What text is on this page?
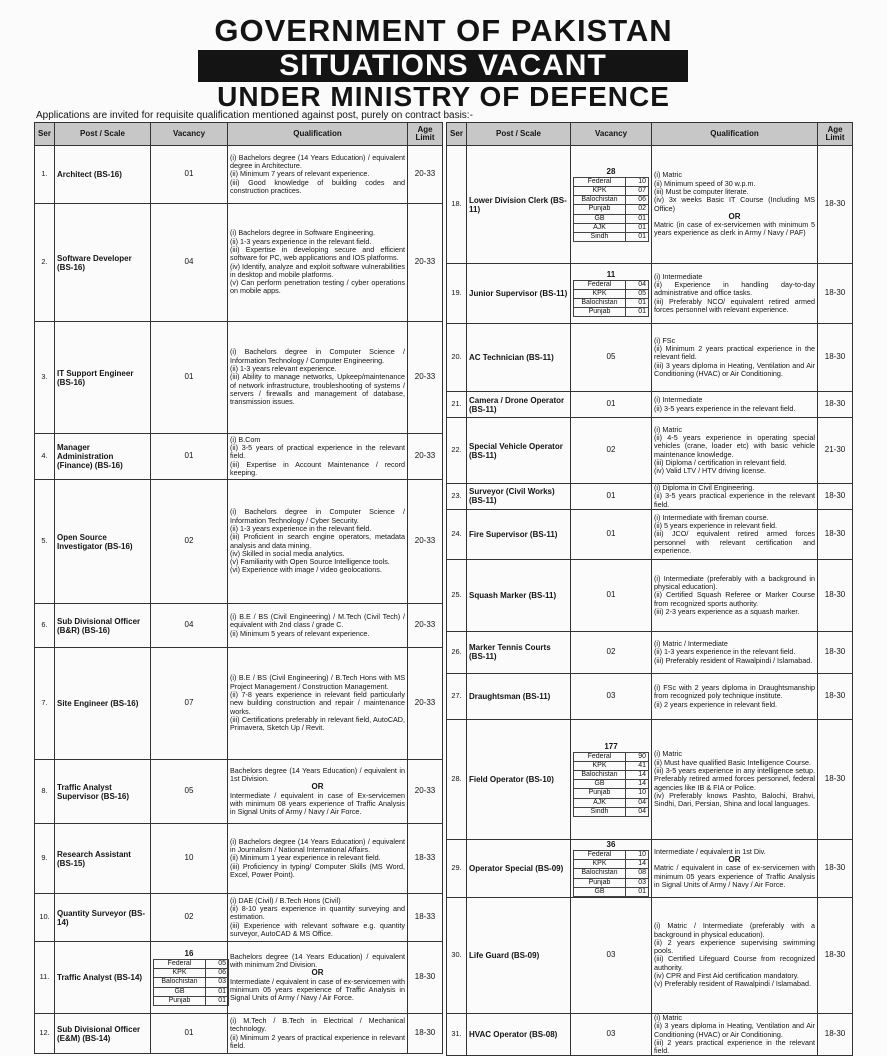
GOVERNMENT OF PAKISTAN
SITUATIONS VACANT
UNDER MINISTRY OF DEFENCE
Applications are invited for requisite qualification mentioned against post, purely on contract basis:-
Ser	Post / Scale	Vacancy	Qualification	Age Limit
1.	Architect (BS-16)	01	
(i) Bachelors degree (14 Years Education) / equivalent degree in Architecture.
(ii) Minimum 7 years of relevant experience.
(iii) Good knowledge of building codes and construction practices.
	20-33
2.	Software Developer (BS-16)	04	
(i) Bachelors degree in Software Engineering.
(ii) 1-3 years experience in the relevant field.
(iii) Expertise in developing secure and efficient software for PC, web applications and IOS platforms.
(iv) Identify, analyze and exploit software vulnerabilities in desktop and mobile platforms.
(v) Can perform penetration testing / cyber operations on mobile apps.
	20-33
3.	IT Support Engineer (BS-16)	01	
(i) Bachelors degree in Computer Science / Information Technology / Computer Engineering.
(ii) 1-3 years relevant experience.
(iii) Ability to manage networks, Upkeep/maintenance of network infrastructure, troubleshooting of systems / servers / firewalls and management of database, transmission issues.
	20-33
4.	Manager Administration (Finance) (BS-16)	01	
(i) B.Com
(ii) 3-5 years of practical experience in the relevant field.
(iii) Expertise in Account Maintenance / record keeping.
	20-33
5.	Open Source Investigator (BS-16)	02	
(i) Bachelors degree in Computer Science / Information Technology / Cyber Security.
(ii) 1-3 years experience in the relevant field.
(iii) Proficient in search engine operators, metadata analysis and data mining.
(iv) Skilled in social media analytics.
(v) Familiarity with Open Source Intelligence tools.
(vi) Experience with image / video geolocations.
	20-33
6.	Sub Divisional Officer (B&R) (BS-16)	04	
(i) B.E / BS (Civil Engineering) / M.Tech (Civil Tech) / equivalent with 2nd class / grade C.
(ii) Minimum 5 years of relevant experience.
	20-33
7.	Site Engineer (BS-16)	07	
(i) B.E / BS (Civil Engineering) / B.Tech Hons with MS Project Management / Construction Management.
(ii) 7-8 years experience in relevant field particularly new building construction and repair / maintenance works.
(iii) Certifications preferably in relevant field, AutoCAD, Primavera, Sketch Up / Revit.
	20-33
8.	Traffic Analyst Supervisor (BS-16)	05	
Bachelors degree (14 Years Education) / equivalent in 1st Division.
OR
Intermediate / equivalent in case of Ex-servicemen with minimum 08 years experience of Traffic Analysis in Signal Units of Army / Navy / Air Force.
	20-33
9.	Research Assistant (BS-15)	10	
(i) Bachelors degree (14 Years Education) / equivalent in Journalism / National International Affairs.
(ii) Minimum 1 year experience in relevant field.
(iii) Proficiency in typing/ Computer Skills (MS Word, Excel, Power Point).
	18-33
10.	Quantity Surveyor (BS-14)	02	
(i) DAE (Civil) / B.Tech Hons (Civil)
(ii) 8-10 years experience in quantity surveying and estimation.
(iii) Experience with relevant software e.g. quantity surveyor, AutoCAD & MS Office.
	18-33
11.	Traffic Analyst (BS-14)	
16
Federal	05
KPK	06
Balochistan	03
GB	01
Punjab	01

Bachelors degree (14 Years Education) / equivalent with minimum 2nd Division.
OR
Intermediate / equivalent in case of ex-servicemen with minimum 05 years experience of Traffic Analysis in Signal Units of Army / Navy / Air Force.
	18-30
12.	Sub Divisional Officer (E&M) (BS-14)	01	
(i) M.Tech / B.Tech in Electrical / Mechanical technology.
(ii) Minimum 2 years of practical experience in relevant field.
	18-30
Ser	Post / Scale	Vacancy	Qualification	Age Limit
18.	Lower Division Clerk (BS-11)	
28
Federal	10
KPK	07
Balochistan	06
Punjab	02
GB	01
AJK	01
Sindh	01

(i) Matric
(ii) Minimum speed of 30 w.p.m.
(iii) Must be computer literate.
(iv) 3x weeks Basic IT Course (Including MS Office)
OR
Matric (in case of ex-servicemen with minimum 5 years experience as clerk in Army / Navy / PAF)
	18-30
19.	Junior Supervisor (BS-11)	
11
Federal	04
KPK	05
Balochistan	01
Punjab	01

(i) Intermediate
(ii) Experience in handling day-to-day administrative and office tasks.
(iii) Preferably NCO/ equivalent retired armed forces personnel with relevant experience.
	18-30
20.	AC Technician (BS-11)	05	
(i) FSc
(ii) Minimum 2 years practical experience in the relevant field.
(iii) 3 years diploma in Heating, Ventilation and Air Conditioning (HVAC) or Air Conditioning.
	18-30
21.	Camera / Drone Operator (BS-11)	01	(i) Intermediate
(ii) 3-5 years experience in the relevant field.	18-30
22.	Special Vehicle Operator (BS-11)	02	
(i) Matric
(ii) 4-5 years experience in operating special vehicles (crane, loader etc) with basic vehicle maintenance knowledge.
(iii) Diploma / certification in relevant field.
(iv) Valid LTV / HTV driving license.
	21-30
23.	Surveyor (Civil Works) (BS-11)	01	
(i) Diploma in Civil Engineering.
(ii) 3-5 years practical experience in the relevant field.
	18-30
24.	Fire Supervisor (BS-11)	01	
(i) Intermediate with fireman course.
(ii) 5 years experience in relevant field.
(iii) JCO/ equivalent retired armed forces personnel with relevant certification and experience.
	18-30
25.	Squash Marker (BS-11)	01	
(i) Intermediate (preferably with a background in physical education).
(ii) Certified Squash Referee or Marker Course from recognized sports authority.
(iii) 2-3 years experience as a squash marker.
	18-30
26.	Marker Tennis Courts (BS-11)	02	
(i) Matric / Intermediate
(ii) 1-3 years experience in the relevant field.
(iii) Preferably resident of Rawalpindi / Islamabad.
	18-30
27.	Draughtsman (BS-11)	03	
(i) FSc with 2 years diploma in Draughtsmanship from recognized poly technique institute.
(ii) 2 years experience in relevant field.
	18-30
28.	Field Operator (BS-10)	
177
Federal	90
KPK	41
Balochistan	14
GB	14
Punjab	10
AJK	04
Sindh	04

(i) Matric
(ii) Must have qualified Basic Intelligence Course.
(iii) 3-5 years experience in any intelligence setup. Preferably retired armed forces personnel, federal agencies like IB & FIA or Police.
(iv) Preferably knows Pashto, Balochi, Brahvi, Sindhi, Dari, Persian, Shina and local languages.
	18-30
29.	Operator Special (BS-09)	
36
Federal	10
KPK	14
Balochistan	08
Punjab	03
GB	01

Intermediate / equivalent in 1st Div.
OR
Matric / equivalent in case of ex-servicemen with minimum 05 years experience of Traffic Analysis in Signal Units of Army / Navy / Air Force.
	18-30
30.	Life Guard (BS-09)	03	
(i) Matric / Intermediate (preferably with a background in physical education).
(ii) 2 years experience supervising swimming pools.
(iii) Certified Lifeguard Course from recognized authority.
(iv) CPR and First Aid certification mandatory.
(v) Preferably resident of Rawalpindi / Islamabad.
	18-30
31.	HVAC Operator (BS-08)	03	
(i) Matric
(ii) 3 years diploma in Heating, Ventilation and Air Conditioning (HVAC) or Air Conditioning.
(iii) 2 years practical experience in the relevant field.
	18-30
